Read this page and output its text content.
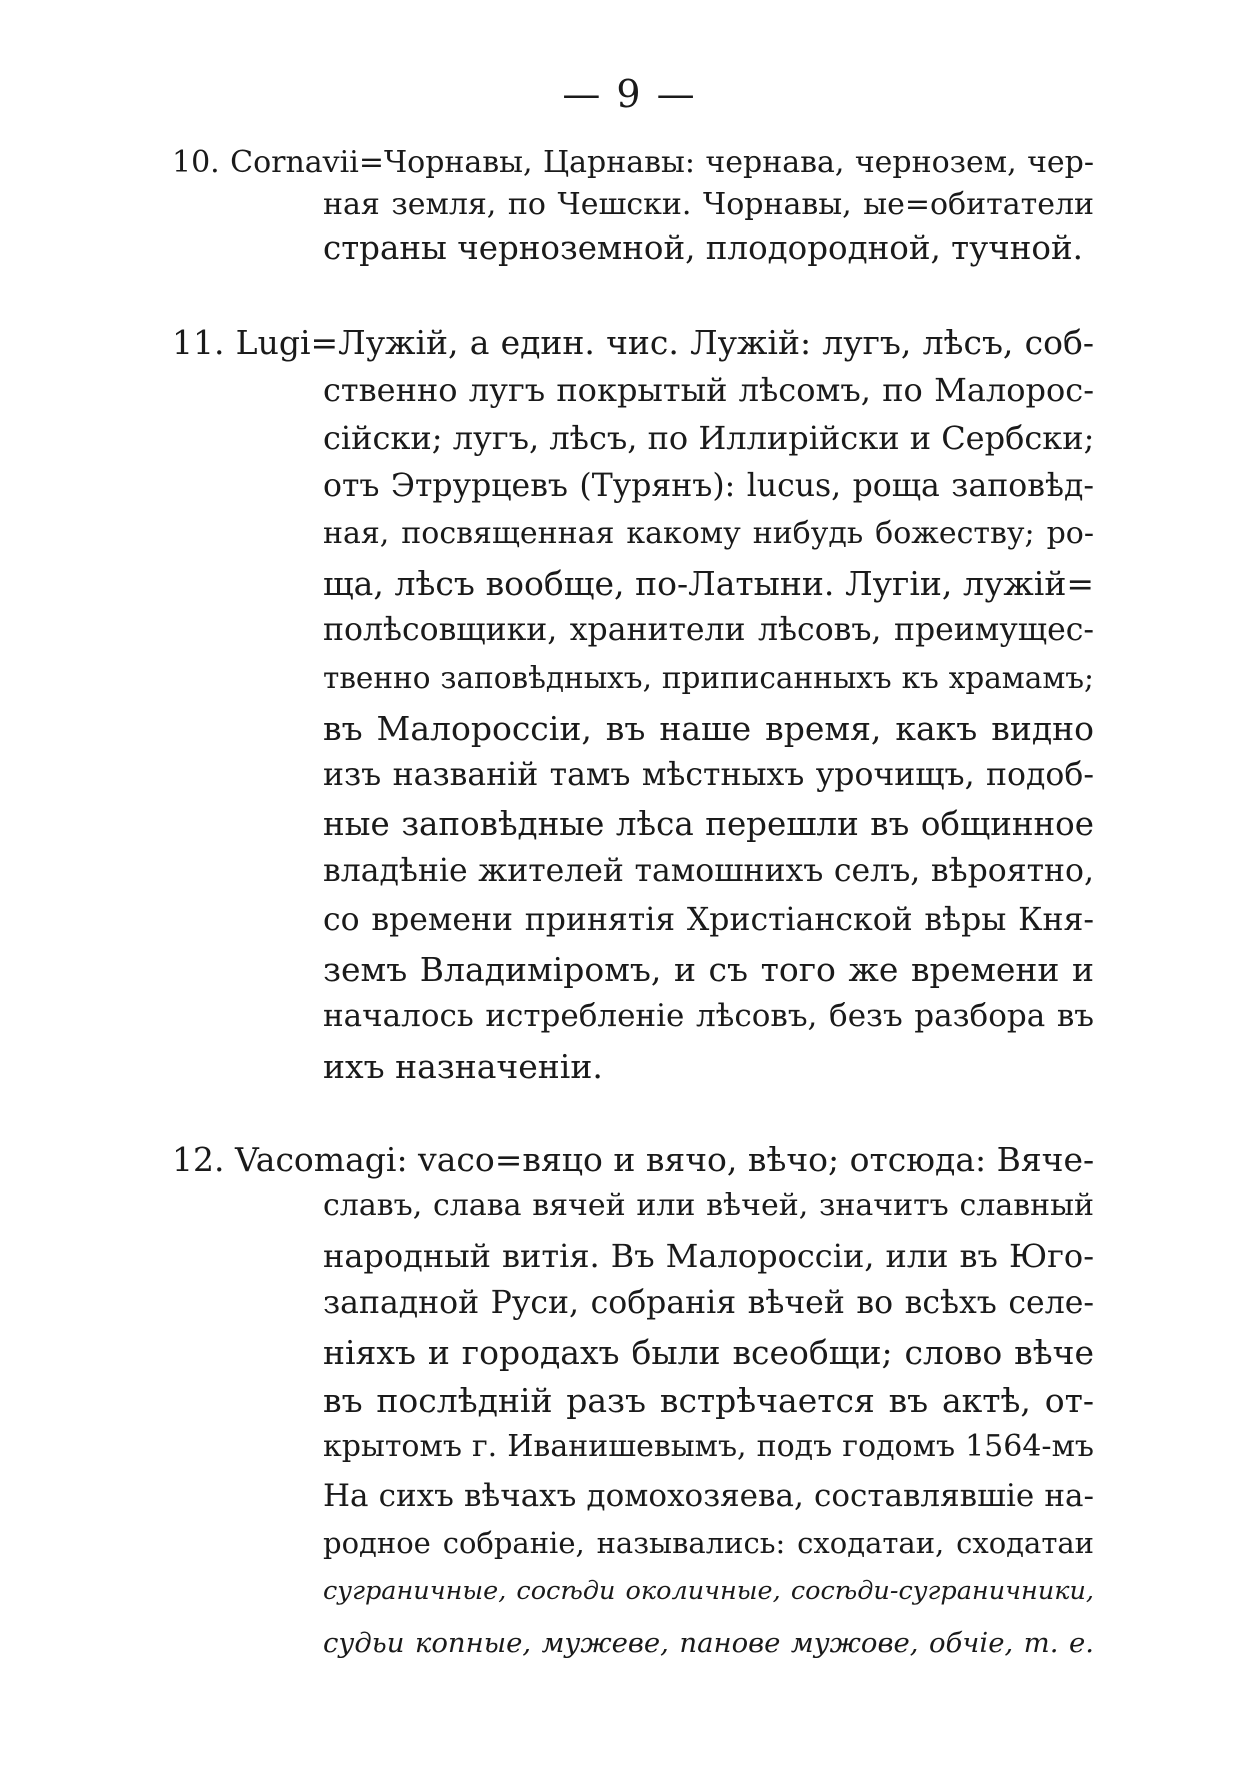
— 9 —
10. Cornavii=Чорнавы, Царнавы: чернава, чернозем, чер-
ная земля, по Чешски. Чорнавы, ые=обитатели
страны черноземной, плодородной, тучной.
11. Lugi=Лужій, а един. чис. Лужій: лугъ, лѣсъ, соб-
ственно лугъ покрытый лѣсомъ, по Малорос-
сійски; лугъ, лѣсъ, по Иллирійски и Сербски;
отъ Этрурцевъ (Турянъ): lucus, роща заповѣд-
ная, посвященная какому нибудь божеству; ро-
ща, лѣсъ вообще, по-Латыни. Лугіи, лужій=
полѣсовщики, хранители лѣсовъ, преимущес-
твенно заповѣдныхъ, приписанныхъ къ храмамъ;
въ Малороссіи, въ наше время, какъ видно
изъ названій тамъ мѣстныхъ урочищъ, подоб-
ные заповѣдные лѣса перешли въ общинное
владѣніе жителей тамошнихъ селъ, вѣроятно,
со времени принятія Христіанской вѣры Кня-
земъ Владиміромъ, и съ того же времени и
началось истребленіе лѣсовъ, безъ разбора въ
ихъ назначеніи.
12. Vacomagi: vaco=вяцо и вячо, вѣчо; отсюда: Вяче-
славъ, слава вячей или вѣчей, значитъ славный
народный витія. Въ Малороссіи, или въ Юго-
западной Руси, собранія вѣчей во всѣхъ селе-
ніяхъ и городахъ были всеобщи; слово вѣче
въ послѣдній разъ встрѣчается въ актѣ, от-
крытомъ г. Иванишевымъ, подъ годомъ 1564-мъ
На сихъ вѣчахъ домохозяева, составлявшіе на-
родное собраніе, назывались: сходатаи, сходатаи
суграничные, сосѣди околичные, сосѣди-суграничники,
судьи копные, мужеве, панове мужове, обчіе, т. е.
